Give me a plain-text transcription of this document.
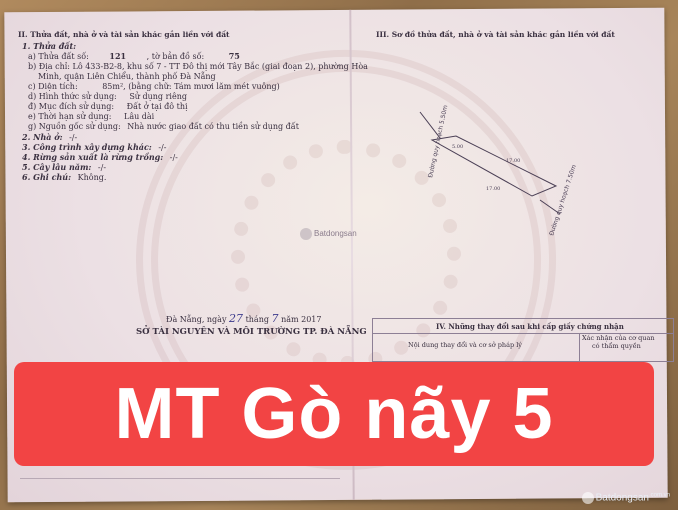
II. Thửa đất, nhà ở và tài sản khác gắn liền với đất
1. Thửa đất:
a) Thửa đất số:	121	, tờ bản đồ số:	75
b) Địa chỉ: Lô 433-B2-8, khu số 7 - TT Đô thị mới Tây Bắc (giai đoạn 2), phường Hòa
Minh, quận Liên Chiểu, thành phố Đà Nẵng
c) Diện tích:	85m², (bằng chữ: Tám mươi lăm mét vuông)
d) Hình thức sử dụng: Sử dụng riêng
đ) Mục đích sử dụng: Đất ở tại đô thị
e) Thời hạn sử dụng: Lâu dài
g) Nguồn gốc sử dụng: Nhà nước giao đất có thu tiền sử dụng đất
2. Nhà ở: -/-
3. Công trình xây dựng khác: -/-
4. Rừng sản xuất là rừng trồng: -/-
5. Cây lâu năm: -/-
6. Ghi chú: Không.
III. Sơ đồ thửa đất, nhà ở và tài sản khác gắn liền với đất
Đường quy hoạch 5.50m
Đường quy hoạch 7.50m
17.00
17.00
5.00
Batdongsan
Đà Nẵng, ngày 27 tháng 7 năm 2017
SỞ TÀI NGUYÊN VÀ MÔI TRƯỜNG TP. ĐÀ NẴNG
IV. Những thay đổi sau khi cấp giấy chứng nhận
Nội dung thay đổi và cơ sở pháp lý
Xác nhận của cơ quan
có thẩm quyền
MT Gò nãy 5
Batdongsan$^{.com.vn}$
